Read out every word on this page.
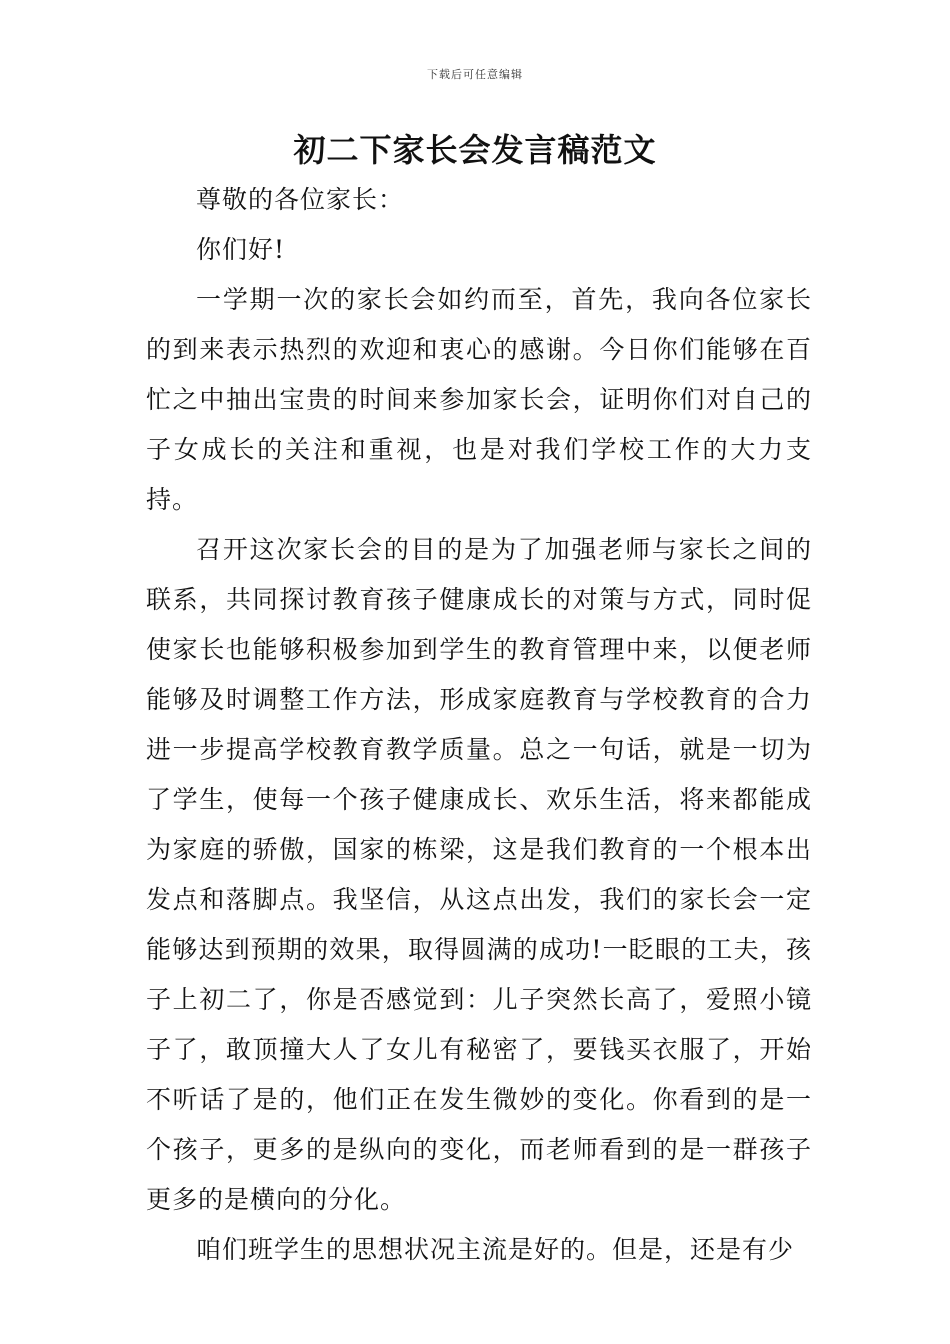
下载后可任意编辑
初二下家长会发言稿范文

尊敬的各位家长：

你们好!

一学期一次的家长会如约而至，首先，我向各位家长的到来表示热烈的欢迎和衷心的感谢。今日你们能够在百忙之中抽出宝贵的时间来参加家长会，证明你们对自己的子女成长的关注和重视，也是对我们学校工作的大力支持。

召开这次家长会的目的是为了加强老师与家长之间的联系，共同探讨教育孩子健康成长的对策与方式，同时促使家长也能够积极参加到学生的教育管理中来，以便老师能够及时调整工作方法，形成家庭教育与学校教育的合力进一步提高学校教育教学质量。总之一句话，就是一切为了学生，使每一个孩子健康成长、欢乐生活，将来都能成为家庭的骄傲，国家的栋梁，这是我们教育的一个根本出发点和落脚点。我坚信，从这点出发，我们的家长会一定能够达到预期的效果，取得圆满的成功!一眨眼的工夫，孩子上初二了，你是否感觉到：儿子突然长高了，爱照小镜子了，敢顶撞大人了女儿有秘密了，要钱买衣服了，开始不听话了是的，他们正在发生微妙的变化。你看到的是一个孩子，更多的是纵向的变化，而老师看到的是一群孩子更多的是横向的分化。

咱们班学生的思想状况主流是好的。但是，还是有少
